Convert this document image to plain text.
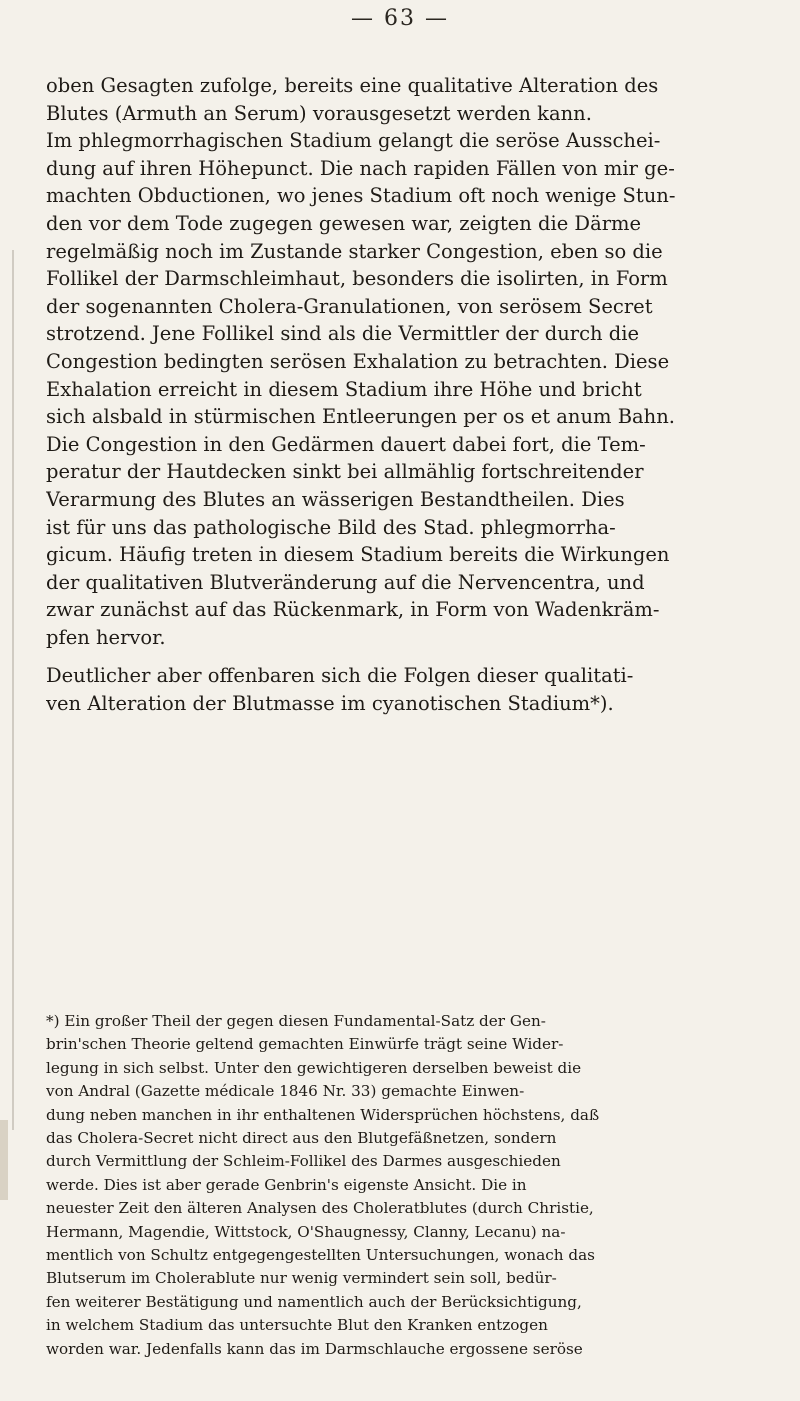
— 63 —
oben Gesagten zufolge, bereits eine qualitative Alteration des
Blutes (Armuth an Serum) vorausgesetzt werden kann.
Im phlegmorrhagischen Stadium gelangt die seröse Ausschei-
dung auf ihren Höhepunct. Die nach rapiden Fällen von mir ge-
machten Obductionen, wo jenes Stadium oft noch wenige Stun-
den vor dem Tode zugegen gewesen war, zeigten die Därme
regelmäßig noch im Zustande starker Congestion, eben so die
Follikel der Darmschleimhaut, besonders die isolirten, in Form
der sogenannten Cholera-Granulationen, von serösem Secret
strotzend. Jene Follikel sind als die Vermittler der durch die
Congestion bedingten serösen Exhalation zu betrachten. Diese
Exhalation erreicht in diesem Stadium ihre Höhe und bricht
sich alsbald in stürmischen Entleerungen per os et anum Bahn.
Die Congestion in den Gedärmen dauert dabei fort, die Tem-
peratur der Hautdecken sinkt bei allmählig fortschreitender
Verarmung des Blutes an wässerigen Bestandtheilen. Dies
ist für uns das pathologische Bild des Stad. phlegmorrha-
gicum. Häufig treten in diesem Stadium bereits die Wirkungen
der qualitativen Blutveränderung auf die Nervencentra, und
zwar zunächst auf das Rückenmark, in Form von Wadenkräm-
pfen hervor.
Deutlicher aber offenbaren sich die Folgen dieser qualitati-
ven Alteration der Blutmasse im cyanotischen Stadium*).
*) Ein großer Theil der gegen diesen Fundamental-Satz der Gen-
brin'schen Theorie geltend gemachten Einwürfe trägt seine Wider-
legung in sich selbst. Unter den gewichtigeren derselben beweist die
von Andral (Gazette médicale 1846 Nr. 33) gemachte Einwen-
dung neben manchen in ihr enthaltenen Widersprüchen höchstens, daß
das Cholera-Secret nicht direct aus den Blutgefäßnetzen, sondern
durch Vermittlung der Schleim-Follikel des Darmes ausgeschieden
werde. Dies ist aber gerade Genbrin's eigenste Ansicht. Die in
neuester Zeit den älteren Analysen des Choleratblutes (durch Christie,
Hermann, Magendie, Wittstock, O'Shaugnessy, Clanny, Lecanu) na-
mentlich von Schultz entgegengestellten Untersuchungen, wonach das
Blutserum im Cholerablute nur wenig vermindert sein soll, bedür-
fen weiterer Bestätigung und namentlich auch der Berücksichtigung,
in welchem Stadium das untersuchte Blut den Kranken entzogen
worden war. Jedenfalls kann das im Darmschlauche ergossene seröse
